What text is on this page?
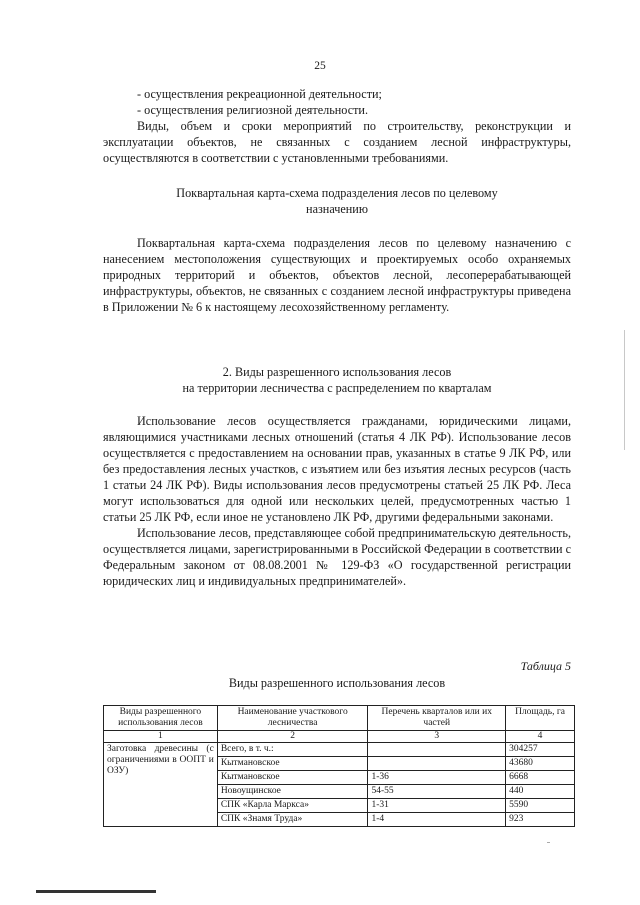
25

- осуществления рекреационной деятельности;

- осуществления религиозной деятельности.

Виды, объем и сроки мероприятий по строительству, реконструкции и эксплуатации объектов, не связанных с созданием лесной инфраструктуры, осуществляются в соответствии с установленными требованиями.

Поквартальная карта-схема подразделения лесов по целевому
назначению

Поквартальная карта-схема подразделения лесов по целевому назначению с нанесением местоположения существующих и проектируемых особо охраняемых природных территорий и объектов, объектов лесной, лесоперерабатывающей инфраструктуры, объектов, не связанных с созданием лесной инфраструктуры приведена в Приложении № 6 к настоящему лесохозяйственному регламенту.

2. Виды разрешенного использования лесов
на территории лесничества с распределением по кварталам

Использование лесов осуществляется гражданами, юридическими лицами, являющимися участниками лесных отношений (статья 4 ЛК РФ). Использование лесов осуществляется с предоставлением на основании прав, указанных в статье 9 ЛК РФ, или без предоставления лесных участков, с изъятием или без изъятия лесных ресурсов (часть 1 статьи 24 ЛК РФ). Виды использования лесов предусмотрены статьей 25 ЛК РФ. Леса могут использоваться для одной или нескольких целей, предусмотренных частью 1 статьи 25 ЛК РФ, если иное не установлено ЛК РФ, другими федеральными законами.

Использование лесов, представляющее собой предпринимательскую деятельность, осуществляется лицами, зарегистрированными в Российской Федерации в соответствии с Федеральным законом от 08.08.2001 № 129-ФЗ «О государственной регистрации юридических лиц и индивидуальных предпринимателей».

Таблица 5
Виды разрешенного использования лесов
Виды разрешенного использования лесов	Наименование участкового лесничества	Перечень кварталов или их частей	Площадь, га
1	2	3	4
Заготовка древесины (с ограничениями в ООПТ и ОЗУ)	Всего, в т. ч.:		304257
	Кытмановское		43680
	Кытмановское	1-36	6668
	Новоущинское	54-55	440
	СПК «Карла Маркса»	1-31	5590
	СПК «Знамя Труда»	1-4	923
